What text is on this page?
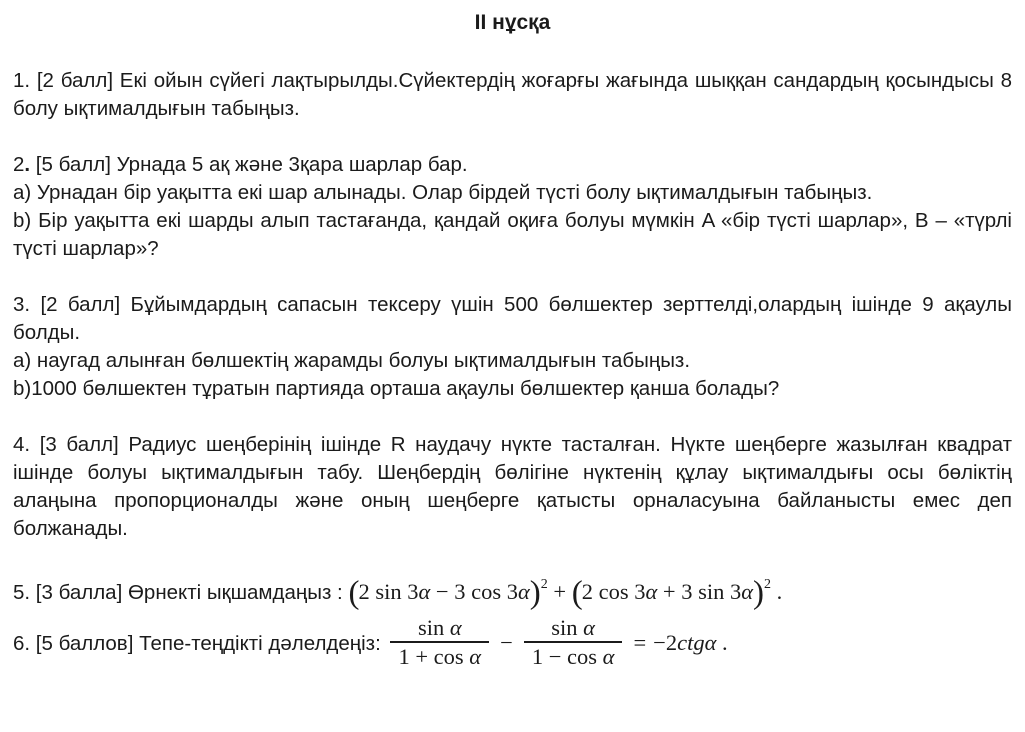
II нұсқа

1. [2 балл] Екі ойын сүйегі лақтырылды.Сүйектердің жоғарғы жағында шыққан сандардың қосындысы 8 болу ықтималдығын табыңыз.

2. [5 балл] Урнада 5 ақ және 3қара шарлар бар.

a) Урнадан бір уақытта екі шар алынады. Олар бірдей түсті болу ықтималдығын табыңыз.

b) Бір уақытта екі шарды алып тастағанда, қандай оқиға болуы мүмкін A «бір түсті шарлар», B – «түрлі түсті шарлар»?

3. [2 балл] Бұйымдардың сапасын тексеру үшін 500 бөлшектер зерттелді,олардың ішінде 9 ақаулы болды.

a) наугад алынған бөлшектің жарамды болуы ықтималдығын табыңыз.

b)1000 бөлшектен тұратын партияда орташа ақаулы бөлшектер қанша болады?

4. [3 балл] Радиус шеңберінің ішінде R наудачу нүкте тасталған. Нүкте шеңберге жазылған квадрат ішінде болуы ықтималдығын табу. Шеңбердің бөлігіне нүктенің құлау ықтималдығы осы бөліктің алаңына пропорционалды және оның шеңберге қатысты орналасуына байланысты емес деп болжанады.

5. [3 балла] Өрнекті ықшамдаңыз : (2 sin 3α − 3 cos 3α)$^2$ + (2 cos 3α + 3 sin 3α)$^2$ .

6. [5 баллов] Тепе-теңдікті дәлелдеңіз: $\frac{\text{sin α}}{\text{1 + cos α}} - \frac{\text{sin α}}{\text{1 − cos α}} = -2ctg\alpha$ .
